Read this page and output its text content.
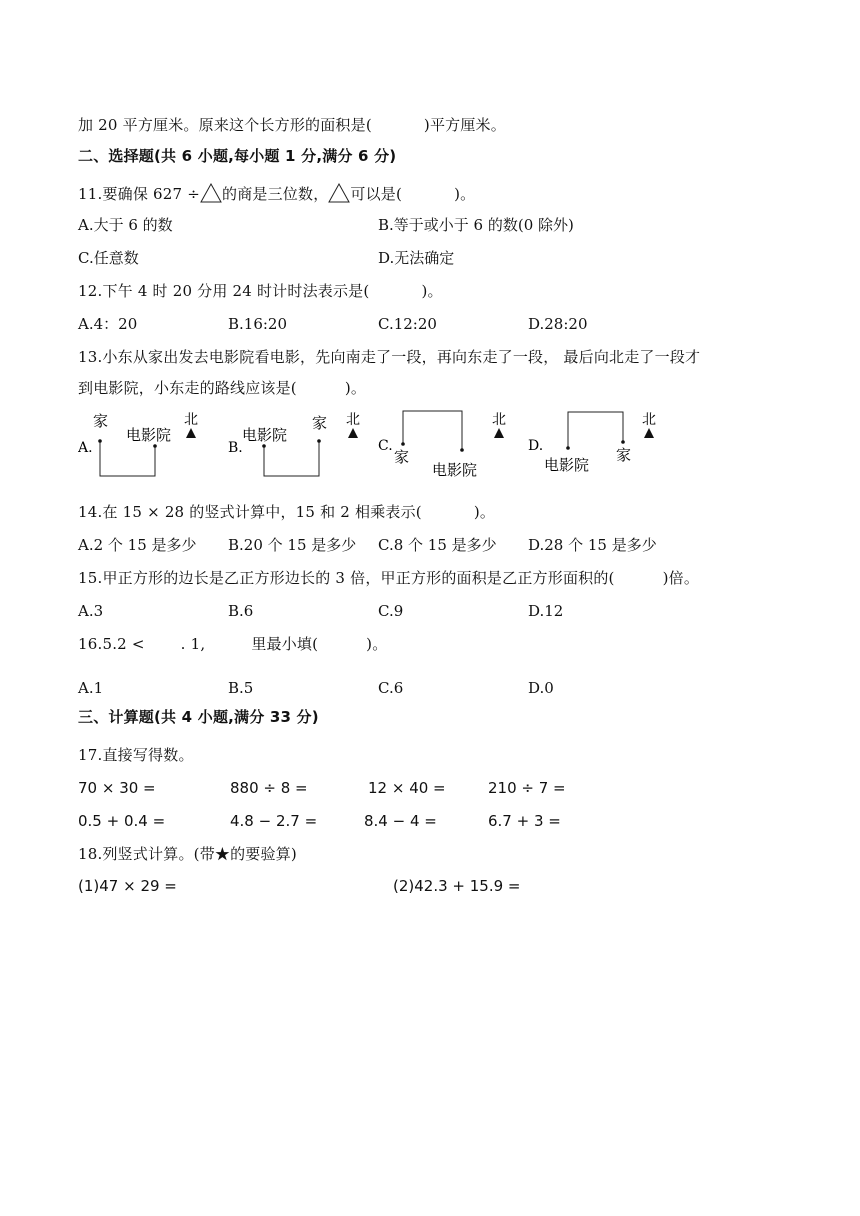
加 20 平方厘米。原来这个长方形的面积是(	)平方厘米。
二、选择题(共 6 小题,每小题 1 分,满分 6 分)
11.要确保 627 ÷ 的商是三位数， 可以是(	)。
A.大于 6 的数	B.等于或小于 6 的数(0 除外)
C.任意数	D.无法确定
12.下午 4 时 20 分用 24 时计时法表示是(	)。
A.4：20	B.16:20	C.12:20	D.28:20
13.小东从家出发去电影院看电影，先向南走了一段，再向东走了一段， 最后向北走了一段才
到电影院，小东走的路线应该是(	)。
A.
家
电影院
北
B.
电影院
家 北
C.
家
电影院
北
D.
电影院
家
北
14.在 15 × 28 的竖式计算中，15 和 2 相乘表示(	)。
A.2 个 15 是多少 B.20 个 15 是多少 C.8 个 15 是多少 D.28 个 15 是多少
15.甲正方形的边长是乙正方形边长的 3 倍，甲正方形的面积是乙正方形面积的(	)倍。
A.3	B.6	C.9	D.12
16.5.2 < . 1,	里最小填(	)。
A.1	B.5	C.6	D.0
三、计算题(共 4 小题,满分 33 分)
17.直接写得数。
70 × 30 =	880 ÷ 8 =	12 × 40 =	210 ÷ 7 =
0.5 + 0.4 =	4.8 − 2.7 =	8.4 − 4 =	6.7 + 3 =
18.列竖式计算。(带★的要验算)
(1)47 × 29 =	(2)42.3 + 15.9 =
